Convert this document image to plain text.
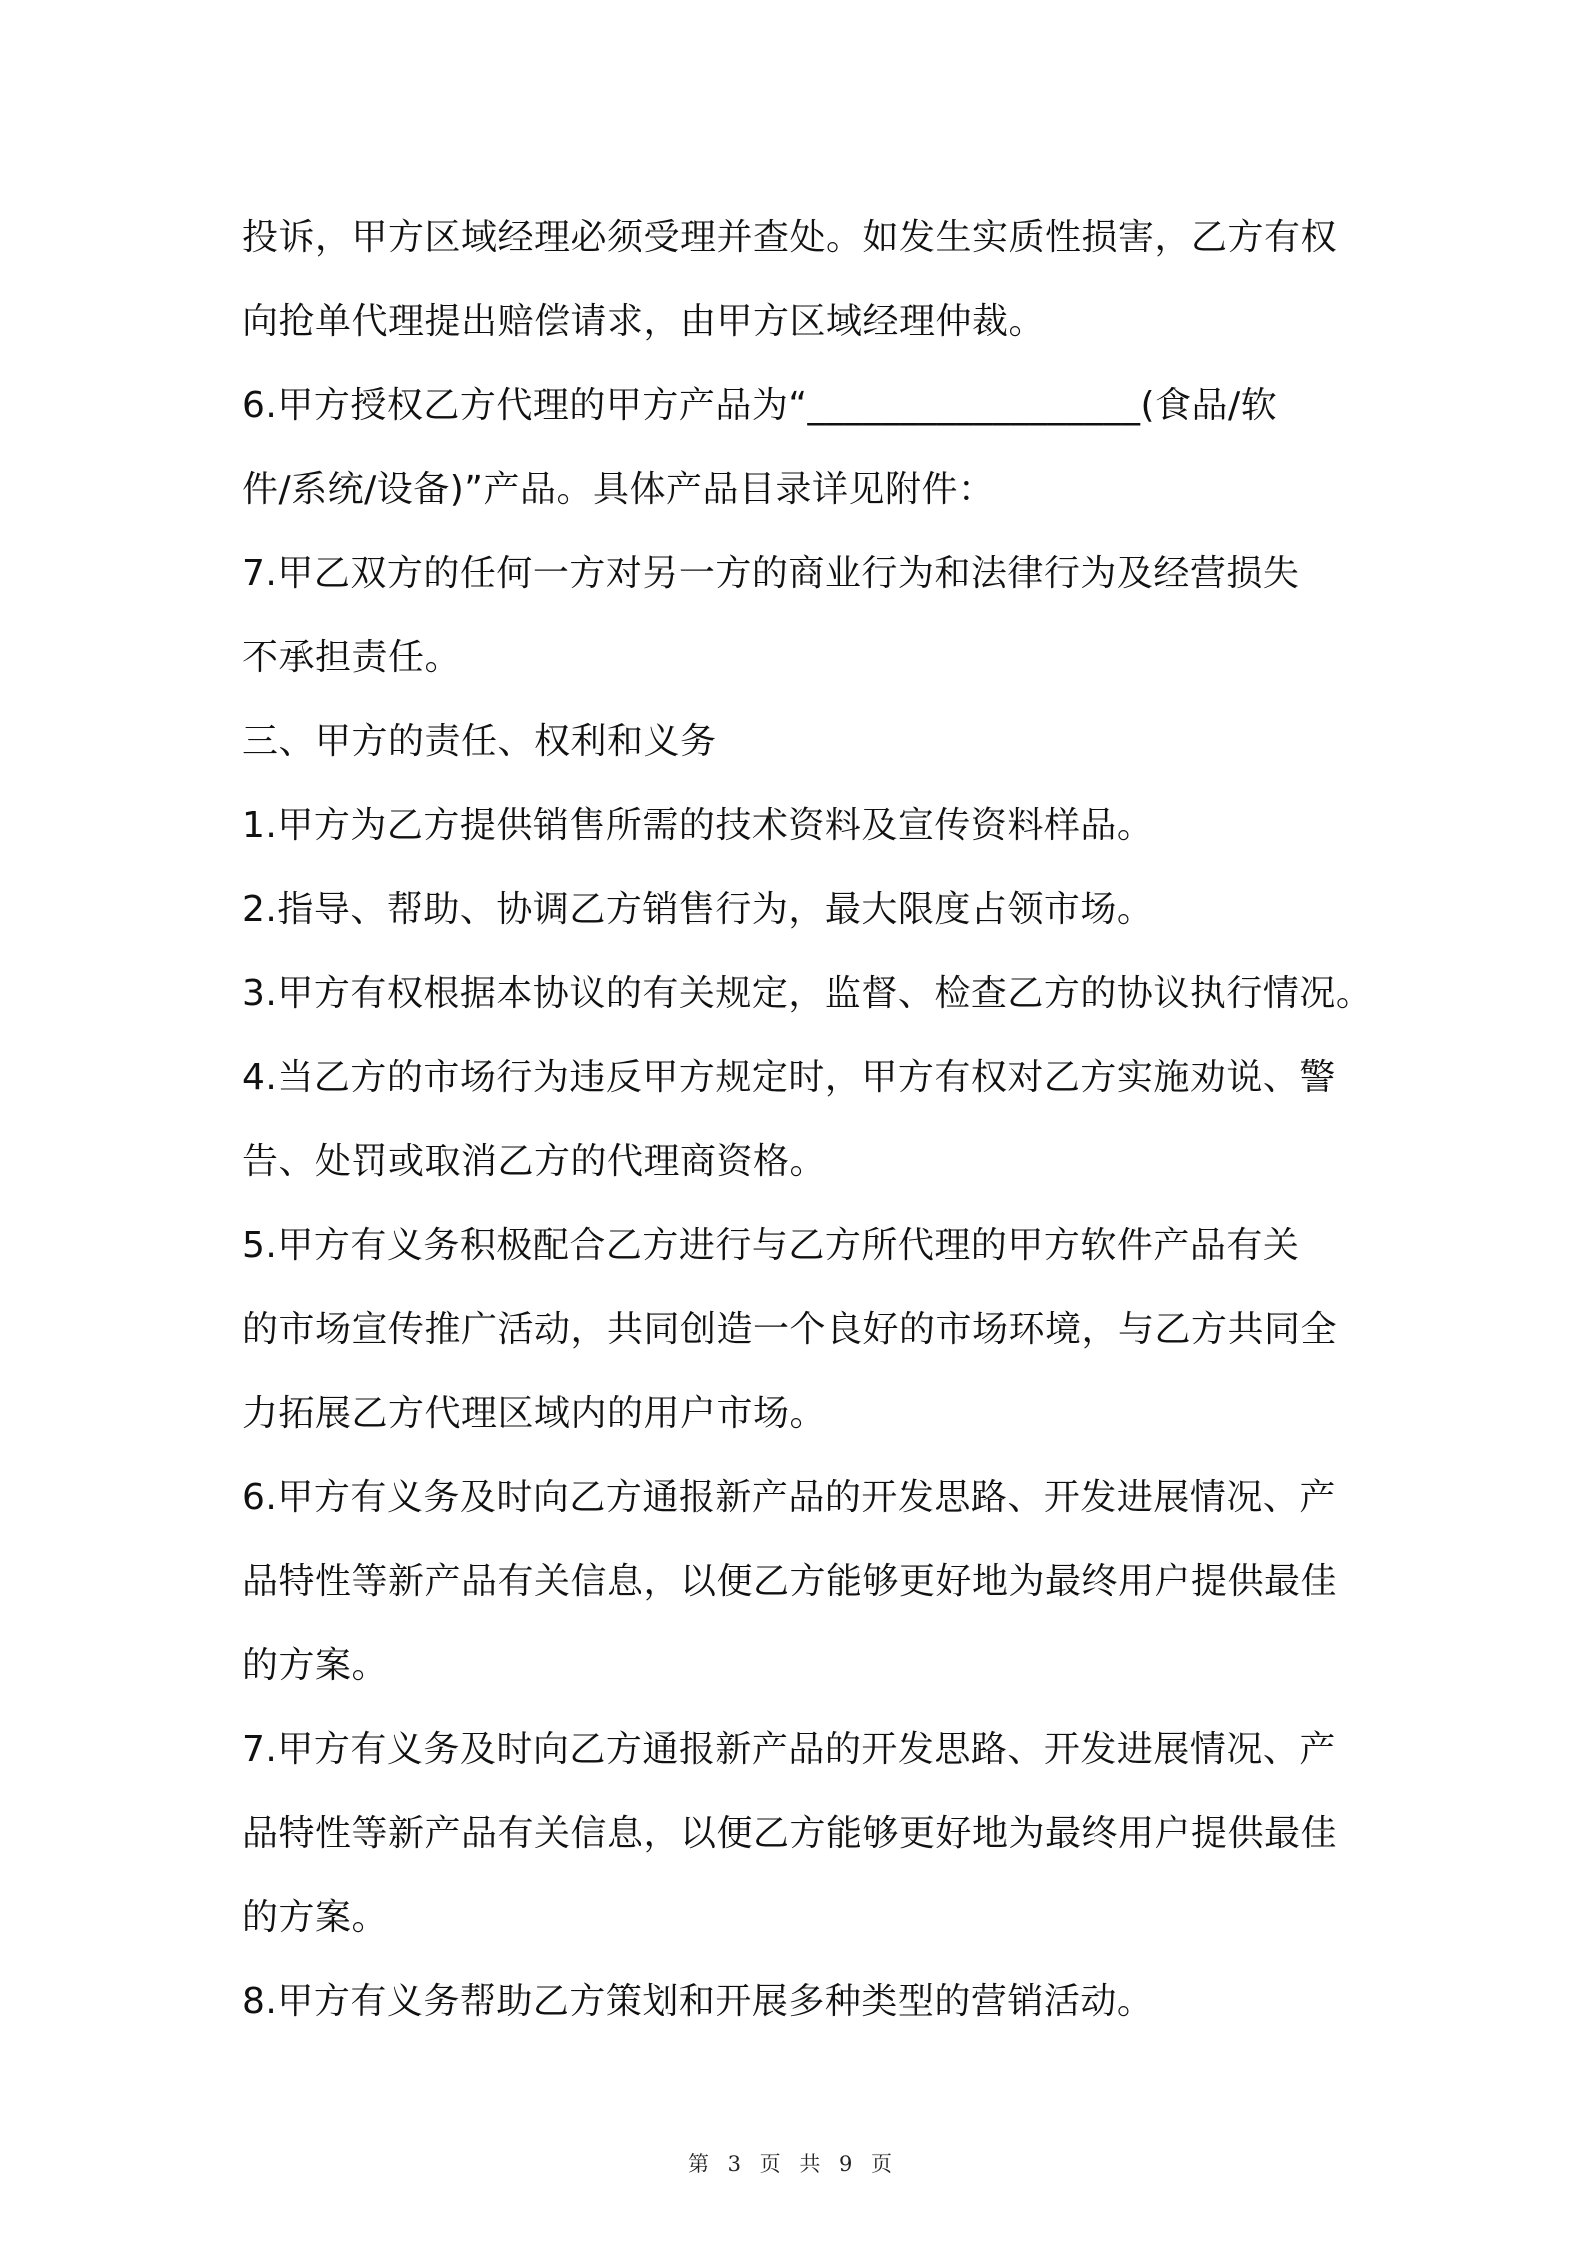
投诉，甲方区域经理必须受理并查处。如发生实质性损害，乙方有权
向抢单代理提出赔偿请求，由甲方区域经理仲裁。
6.甲方授权乙方代理的甲方产品为“__________________(食品/软
件/系统/设备)”产品。具体产品目录详见附件：
7.甲乙双方的任何一方对另一方的商业行为和法律行为及经营损失
不承担责任。
三、甲方的责任、权利和义务
1.甲方为乙方提供销售所需的技术资料及宣传资料样品。
2.指导、帮助、协调乙方销售行为，最大限度占领市场。
3.甲方有权根据本协议的有关规定，监督、检查乙方的协议执行情况。
4.当乙方的市场行为违反甲方规定时，甲方有权对乙方实施劝说、警
告、处罚或取消乙方的代理商资格。
5.甲方有义务积极配合乙方进行与乙方所代理的甲方软件产品有关
的市场宣传推广活动，共同创造一个良好的市场环境，与乙方共同全
力拓展乙方代理区域内的用户市场。
6.甲方有义务及时向乙方通报新产品的开发思路、开发进展情况、产
品特性等新产品有关信息，以便乙方能够更好地为最终用户提供最佳
的方案。
7.甲方有义务及时向乙方通报新产品的开发思路、开发进展情况、产
品特性等新产品有关信息，以便乙方能够更好地为最终用户提供最佳
的方案。
8.甲方有义务帮助乙方策划和开展多种类型的营销活动。
第 3 页 共 9 页
